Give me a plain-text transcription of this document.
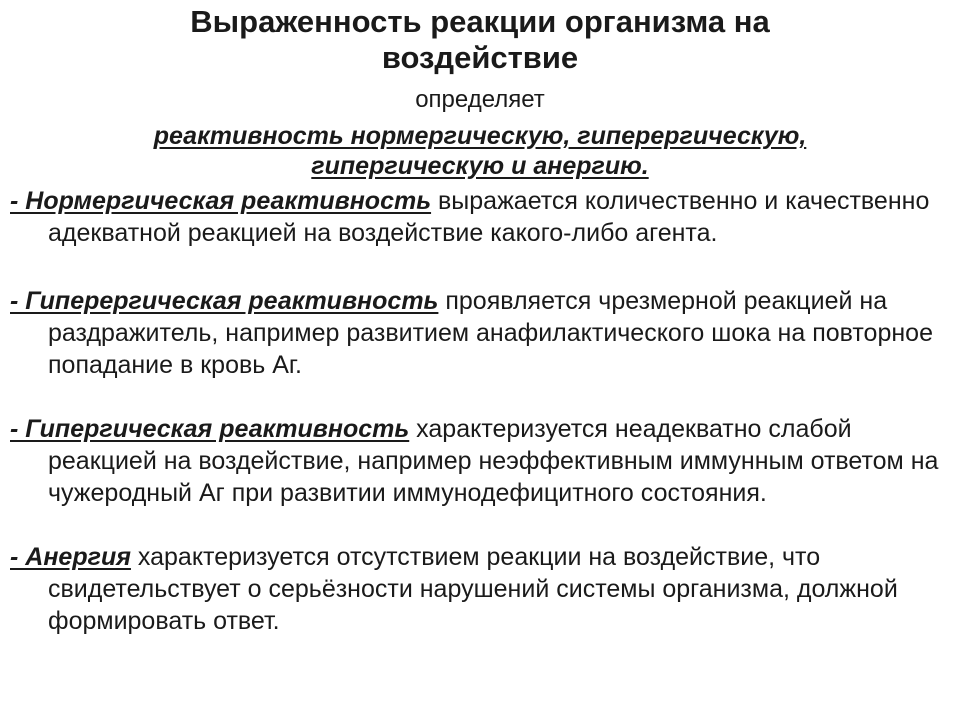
Выраженность реакции организма на
воздействие
определяет
реактивность нормергическую, гиперергическую,
гипергическую и анергию.
- Нормергическая реактивность выражается количественно и качественно адекватной реакцией на воздействие какого-либо агента.
- Гиперергическая реактивность проявляется чрезмерной реакцией на раздражитель, например развитием анафилактического шока на повторное попадание в кровь Аг.
- Гипергическая реактивность характеризуется неадекватно слабой реакцией на воздействие, например неэффективным иммунным ответом на чужеродный Аг при развитии иммунодефицитного состояния.
- Анергия характеризуется отсутствием реакции на воздействие, что свидетельствует о серьёзности нарушений системы организма, должной формировать ответ.
